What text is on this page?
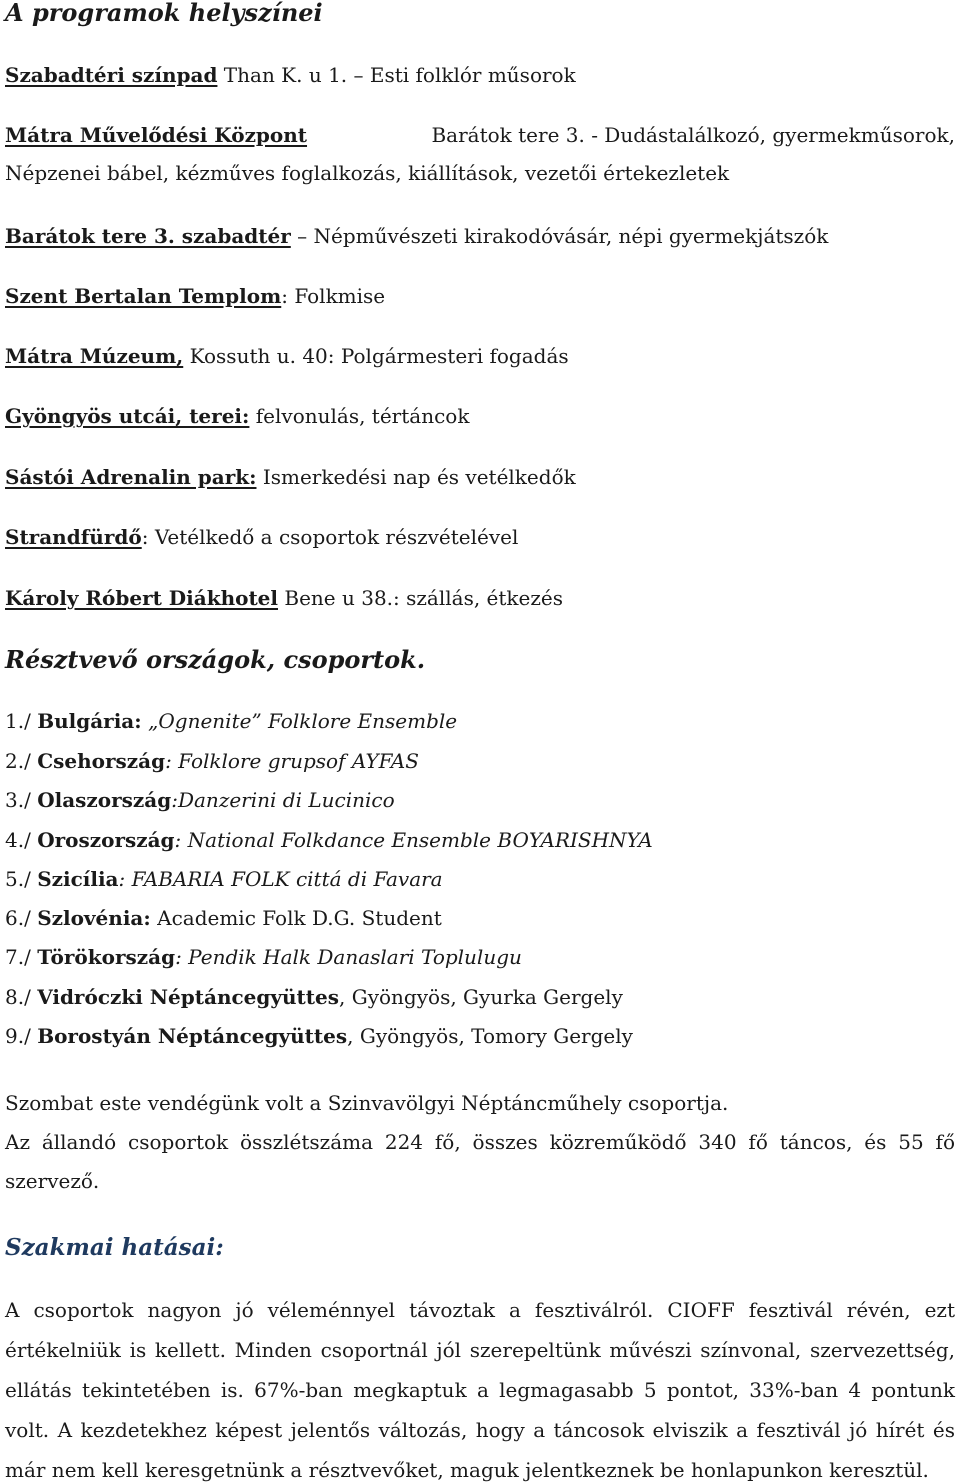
A programok helyszínei
Szabadtéri színpad Than K. u 1. – Esti folklór műsorok
Mátra Művelődési Központ	Barátok tere 3. - Dudástalálkozó, gyermekműsorok,
Népzenei bábel, kézműves foglalkozás, kiállítások, vezetői értekezletek
Barátok tere 3. szabadtér – Népművészeti kirakodóvásár, népi gyermekjátszók
Szent Bertalan Templom: Folkmise
Mátra Múzeum, Kossuth u. 40: Polgármesteri fogadás
Gyöngyös utcái, terei: felvonulás, tértáncok
Sástói Adrenalin park: Ismerkedési nap és vetélkedők
Strandfürdő: Vetélkedő a csoportok részvételével
Károly Róbert Diákhotel Bene u 38.: szállás, étkezés
Résztvevő országok, csoportok.
1./ Bulgária: „Ognenite” Folklore Ensemble
2./ Csehország: Folklore grupsof AYFAS
3./ Olaszország:Danzerini di Lucinico
4./ Oroszország: National Folkdance Ensemble BOYARISHNYA
5./ Szicília: FABARIA FOLK cittá di Favara
6./ Szlovénia: Academic Folk D.G. Student
7./ Törökország: Pendik Halk Danaslari Toplulugu
8./ Vidróczki Néptáncegyüttes, Gyöngyös, Gyurka Gergely
9./ Borostyán Néptáncegyüttes, Gyöngyös, Tomory Gergely
Szombat este vendégünk volt a Szinvavölgyi Néptáncműhely csoportja.
Az állandó csoportok összlétszáma 224 fő, összes közreműködő 340 fő táncos, és 55 fő
szervező.
Szakmai hatásai:
A csoportok nagyon jó véleménnyel távoztak a fesztiválról. CIOFF fesztivál révén, ezt
értékelniük is kellett. Minden csoportnál jól szerepeltünk művészi színvonal, szervezettség,
ellátás tekintetében is. 67%-ban megkaptuk a legmagasabb 5 pontot, 33%-ban 4 pontunk
volt. A kezdetekhez képest jelentős változás, hogy a táncosok elviszik a fesztivál jó hírét és
már nem kell keresgetnünk a résztvevőket, maguk jelentkeznek be honlapunkon keresztül.
